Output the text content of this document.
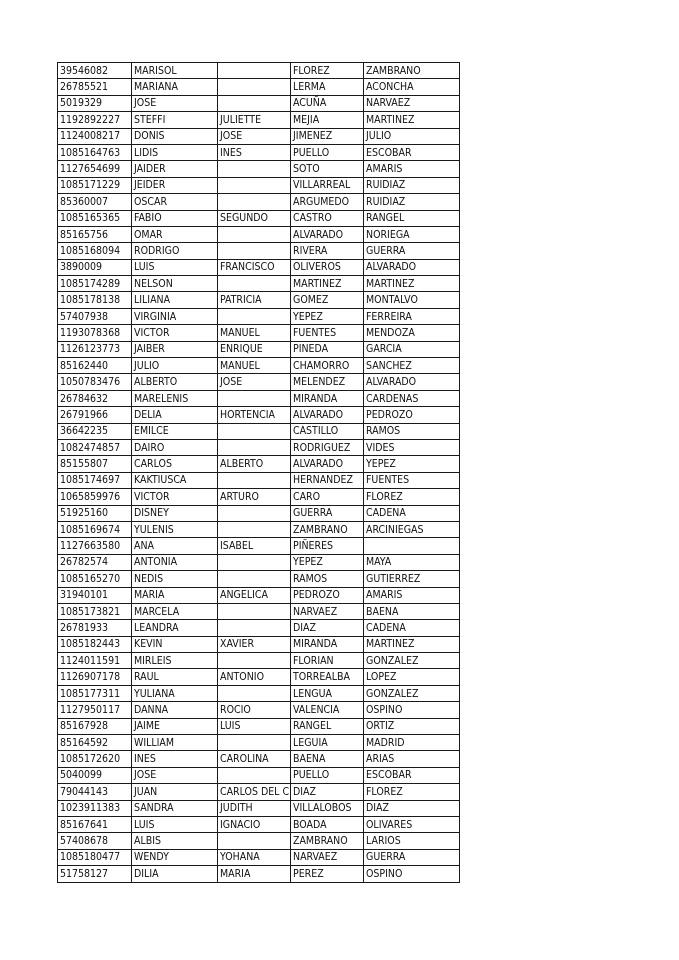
39546082	MARISOL		FLOREZ	ZAMBRANO
26785521	MARIANA		LERMA	ACONCHA
5019329	JOSE		ACUÑA	NARVAEZ
1192892227	STEFFI	JULIETTE	MEJIA	MARTINEZ
1124008217	DONIS	JOSE	JIMENEZ	JULIO
1085164763	LIDIS	INES	PUELLO	ESCOBAR
1127654699	JAIDER		SOTO	AMARIS
1085171229	JEIDER		VILLARREAL	RUIDIAZ
85360007	OSCAR		ARGUMEDO	RUIDIAZ
1085165365	FABIO	SEGUNDO	CASTRO	RANGEL
85165756	OMAR		ALVARADO	NORIEGA
1085168094	RODRIGO		RIVERA	GUERRA
3890009	LUIS	FRANCISCO	OLIVEROS	ALVARADO
1085174289	NELSON		MARTINEZ	MARTINEZ
1085178138	LILIANA	PATRICIA	GOMEZ	MONTALVO
57407938	VIRGINIA		YEPEZ	FERREIRA
1193078368	VICTOR	MANUEL	FUENTES	MENDOZA
1126123773	JAIBER	ENRIQUE	PINEDA	GARCIA
85162440	JULIO	MANUEL	CHAMORRO	SANCHEZ
1050783476	ALBERTO	JOSE	MELENDEZ	ALVARADO
26784632	MARELENIS		MIRANDA	CARDENAS
26791966	DELIA	HORTENCIA	ALVARADO	PEDROZO
36642235	EMILCE		CASTILLO	RAMOS
1082474857	DAIRO		RODRIGUEZ	VIDES
85155807	CARLOS	ALBERTO	ALVARADO	YEPEZ
1085174697	KAKTIUSCA		HERNANDEZ	FUENTES
1065859976	VICTOR	ARTURO	CARO	FLOREZ
51925160	DISNEY		GUERRA	CADENA
1085169674	YULENIS		ZAMBRANO	ARCINIEGAS
1127663580	ANA	ISABEL	PIÑERES	
26782574	ANTONIA		YEPEZ	MAYA
1085165270	NEDIS		RAMOS	GUTIERREZ
31940101	MARIA	ANGELICA	PEDROZO	AMARIS
1085173821	MARCELA		NARVAEZ	BAENA
26781933	LEANDRA		DIAZ	CADENA
1085182443	KEVIN	XAVIER	MIRANDA	MARTINEZ
1124011591	MIRLEIS		FLORIAN	GONZALEZ
1126907178	RAUL	ANTONIO	TORREALBA	LOPEZ
1085177311	YULIANA		LENGUA	GONZALEZ
1127950117	DANNA	ROCIO	VALENCIA	OSPINO
85167928	JAIME	LUIS	RANGEL	ORTIZ
85164592	WILLIAM		LEGUIA	MADRID
1085172620	INES	CAROLINA	BAENA	ARIAS
5040099	JOSE		PUELLO	ESCOBAR
79044143	JUAN	CARLOS DEL C	DIAZ	FLOREZ
1023911383	SANDRA	JUDITH	VILLALOBOS	DIAZ
85167641	LUIS	IGNACIO	BOADA	OLIVARES
57408678	ALBIS		ZAMBRANO	LARIOS
1085180477	WENDY	YOHANA	NARVAEZ	GUERRA
51758127	DILIA	MARIA	PEREZ	OSPINO
